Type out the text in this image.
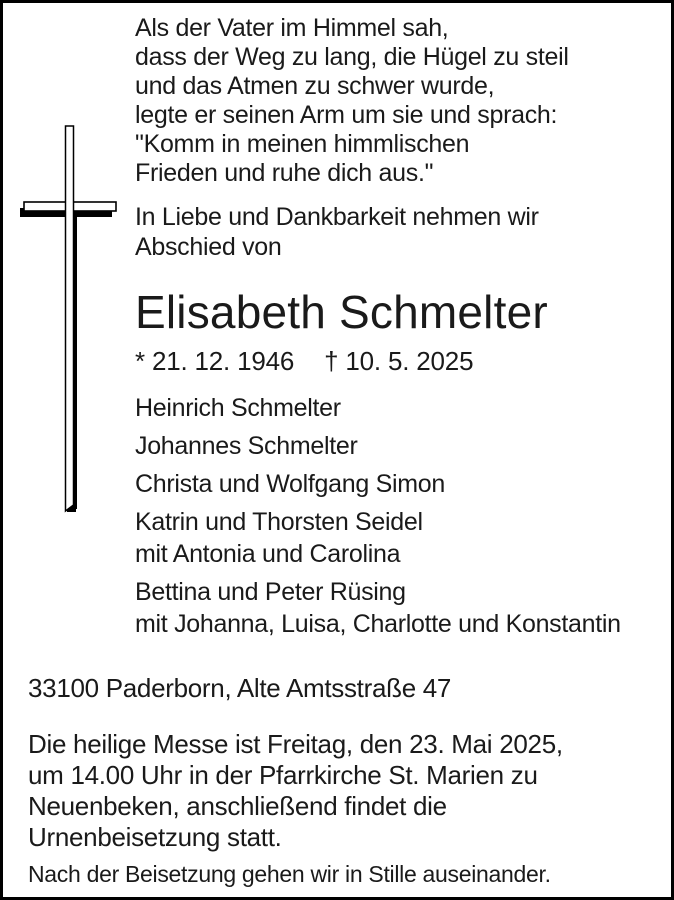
Als der Vater im Himmel sah,
dass der Weg zu lang, die Hügel zu steil
und das Atmen zu schwer wurde,
legte er seinen Arm um sie und sprach:
"Komm in meinen himmlischen
Frieden und ruhe dich aus."
In Liebe und Dankbarkeit nehmen wir
Abschied von
Elisabeth Schmelter
* 21. 12. 1946 † 10. 5. 2025

Heinrich Schmelter

Johannes Schmelter

Christa und Wolfgang Simon

Katrin und Thorsten Seidel
mit Antonia und Carolina

Bettina und Peter Rüsing
mit Johanna, Luisa, Charlotte und Konstantin

33100 Paderborn, Alte Amtsstraße 47

Die heilige Messe ist Freitag, den 23. Mai 2025,
um 14.00 Uhr in der Pfarrkirche St. Marien zu
Neuenbeken, anschließend findet die
Urnenbeisetzung statt.

Nach der Beisetzung gehen wir in Stille auseinander.
